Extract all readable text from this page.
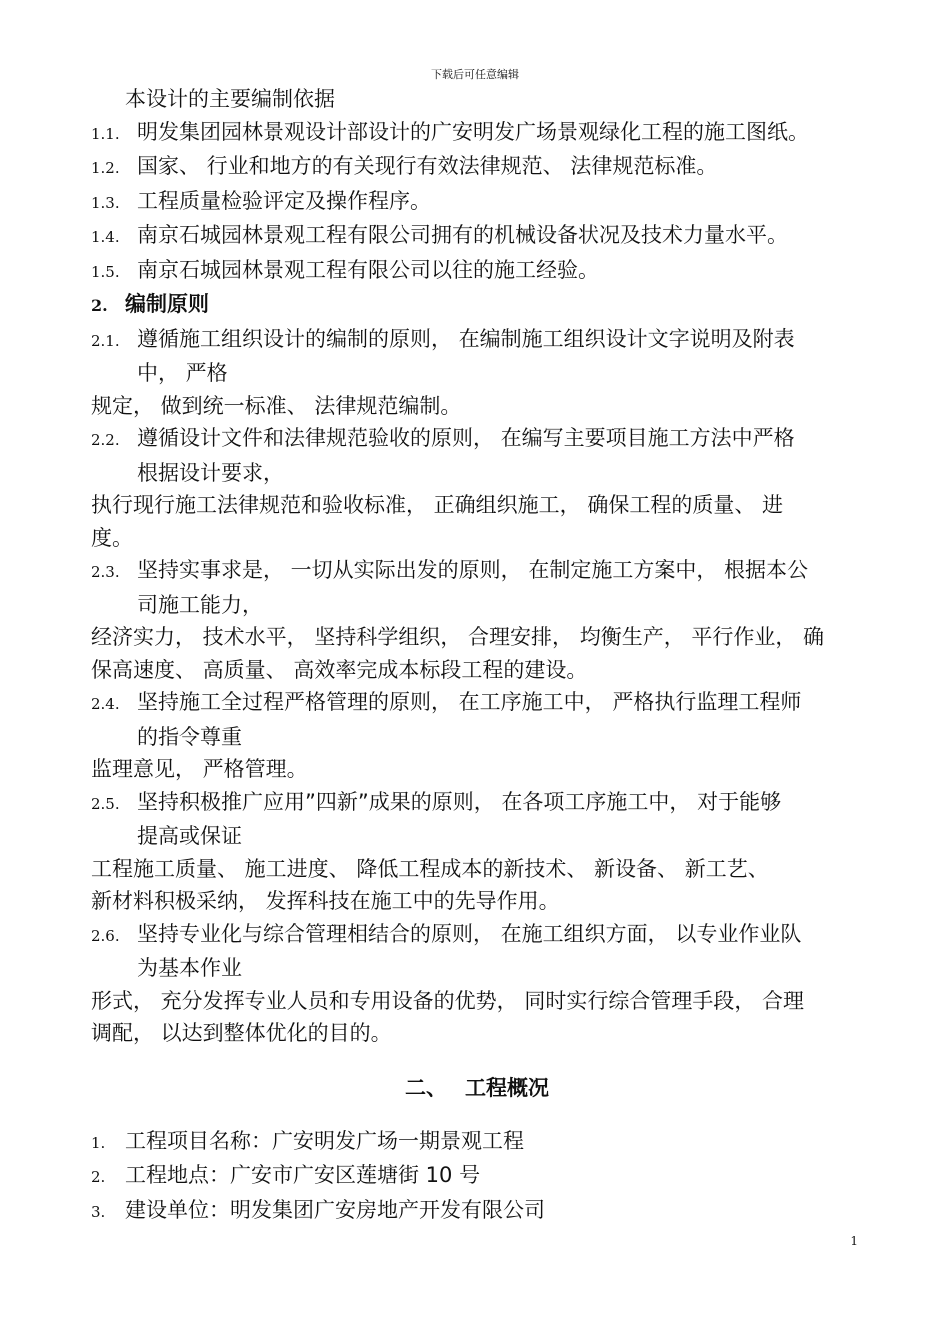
下载后可任意编辑
本设计的主要编制依据
1.1. 明发集团园林景观设计部设计的广安明发广场景观绿化工程的施工图纸。
1.2. 国家、 行业和地方的有关现行有效法律规范、 法律规范标准。
1.3. 工程质量检验评定及操作程序。
1.4. 南京石城园林景观工程有限公司拥有的机械设备状况及技术力量水平。
1.5. 南京石城园林景观工程有限公司以往的施工经验。
2. 编制原则
2.1. 遵循施工组织设计的编制的原则， 在编制施工组织设计文字说明及附表
中， 严格
规定， 做到统一标准、 法律规范编制。
2.2. 遵循设计文件和法律规范验收的原则， 在编写主要项目施工方法中严格
根据设计要求，
执行现行施工法律规范和验收标准， 正确组织施工， 确保工程的质量、 进
度。
2.3. 坚持实事求是， 一切从实际出发的原则， 在制定施工方案中， 根据本公
司施工能力，
经济实力， 技术水平， 坚持科学组织， 合理安排， 均衡生产， 平行作业， 确
保高速度、 高质量、 高效率完成本标段工程的建设。
2.4. 坚持施工全过程严格管理的原则， 在工序施工中， 严格执行监理工程师
的指令尊重
监理意见， 严格管理。
2.5. 坚持积极推广应用”四新”成果的原则， 在各项工序施工中， 对于能够
提高或保证
工程施工质量、 施工进度、 降低工程成本的新技术、 新设备、 新工艺、
新材料积极采纳， 发挥科技在施工中的先导作用。
2.6. 坚持专业化与综合管理相结合的原则， 在施工组织方面， 以专业作业队
为基本作业
形式， 充分发挥专业人员和专用设备的优势， 同时实行综合管理手段， 合理
调配， 以达到整体优化的目的。
二、 工程概况
1. 工程项目名称：广安明发广场一期景观工程
2. 工程地点：广安市广安区莲塘街 10 号
3. 建设单位：明发集团广安房地产开发有限公司
1
